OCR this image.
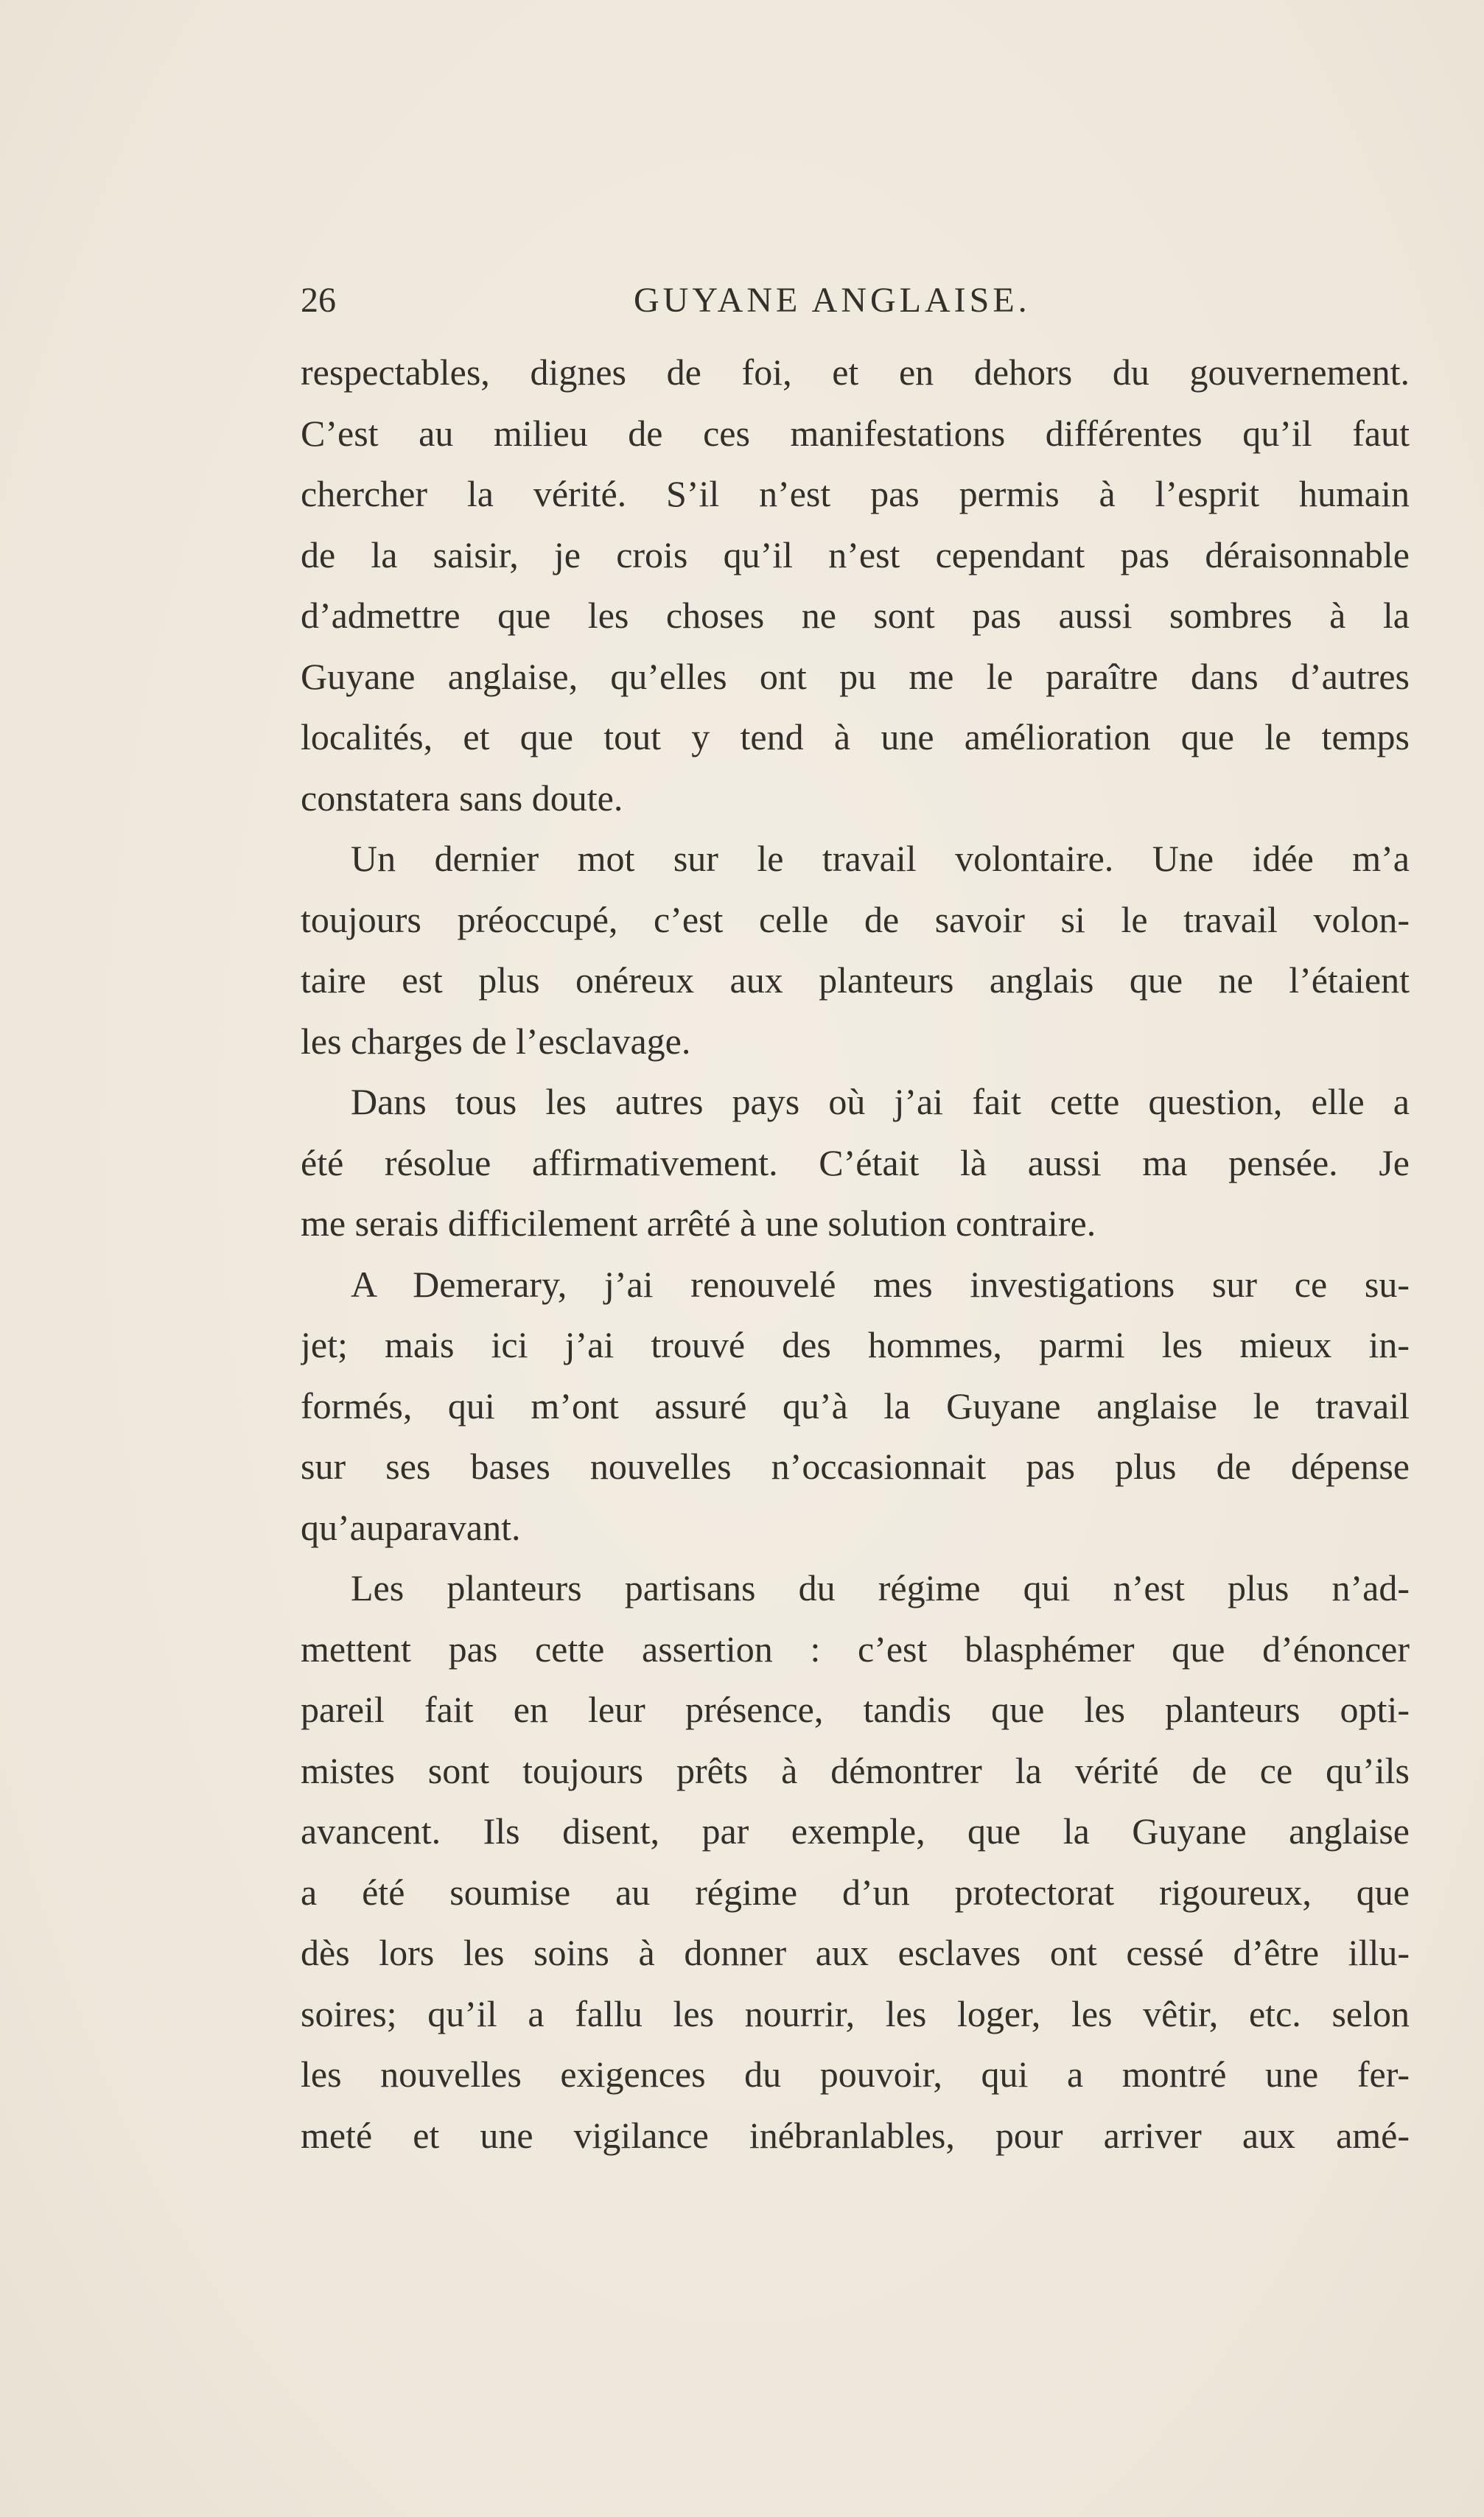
26	GUYANE ANGLAISE.
respectables, dignes de foi, et en dehors du gouvernement.
C’est au milieu de ces manifestations différentes qu’il faut
chercher la vérité. S’il n’est pas permis à l’esprit humain
de la saisir, je crois qu’il n’est cependant pas déraisonnable
d’admettre que les choses ne sont pas aussi sombres à la
Guyane anglaise, qu’elles ont pu me le paraître dans d’autres
localités, et que tout y tend à une amélioration que le temps
constatera sans doute.
Un dernier mot sur le travail volontaire. Une idée m’a
toujours préoccupé, c’est celle de savoir si le travail volon-
taire est plus onéreux aux planteurs anglais que ne l’étaient
les charges de l’esclavage.
Dans tous les autres pays où j’ai fait cette question, elle a
été résolue affirmativement. C’était là aussi ma pensée. Je
me serais difficilement arrêté à une solution contraire.
A Demerary, j’ai renouvelé mes investigations sur ce su-
jet; mais ici j’ai trouvé des hommes, parmi les mieux in-
formés, qui m’ont assuré qu’à la Guyane anglaise le travail
sur ses bases nouvelles n’occasionnait pas plus de dépense
qu’auparavant.
Les planteurs partisans du régime qui n’est plus n’ad-
mettent pas cette assertion : c’est blasphémer que d’énoncer
pareil fait en leur présence, tandis que les planteurs opti-
mistes sont toujours prêts à démontrer la vérité de ce qu’ils
avancent. Ils disent, par exemple, que la Guyane anglaise
a été soumise au régime d’un protectorat rigoureux, que
dès lors les soins à donner aux esclaves ont cessé d’être illu-
soires; qu’il a fallu les nourrir, les loger, les vêtir, etc. selon
les nouvelles exigences du pouvoir, qui a montré une fer-
meté et une vigilance inébranlables, pour arriver aux amé-
